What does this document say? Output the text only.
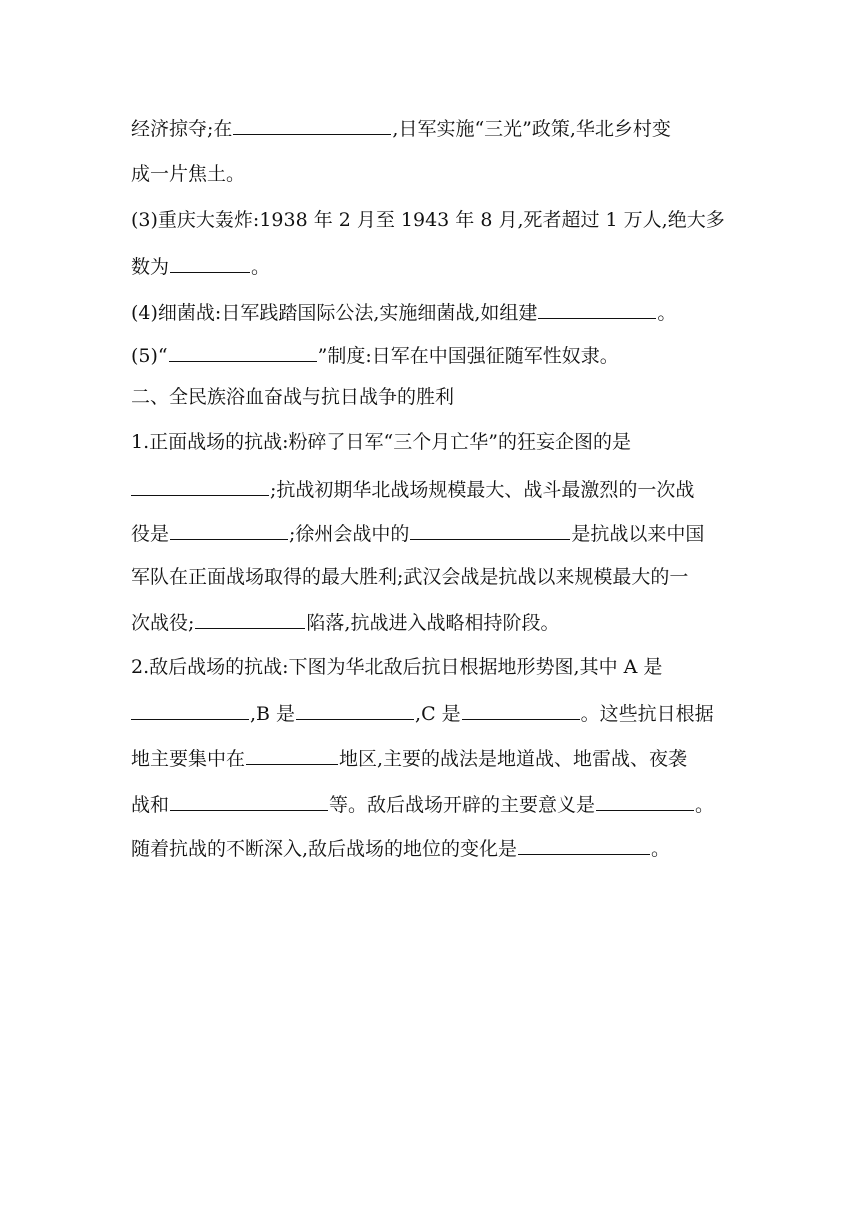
经济掠夺;在	,日军实施“三光”政策,华北乡村变
成一片焦土。
(3)重庆大轰炸:1938 年 2 月至 1943 年 8 月,死者超过 1 万人,绝大多
数为	。
(4)细菌战:日军践踏国际公法,实施细菌战,如组建	。
(5)“	”制度:日军在中国强征随军性奴隶。
二、全民族浴血奋战与抗日战争的胜利
1.正面战场的抗战:粉碎了日军“三个月亡华”的狂妄企图的是
;抗战初期华北战场规模最大、战斗最激烈的一次战
役是	;徐州会战中的	是抗战以来中国
军队在正面战场取得的最大胜利;武汉会战是抗战以来规模最大的一
次战役;	陷落,抗战进入战略相持阶段。
2.敌后战场的抗战:下图为华北敌后抗日根据地形势图,其中 A 是
,B 是	,C 是	。这些抗日根据
地主要集中在	地区,主要的战法是地道战、地雷战、夜袭
战和	等。敌后战场开辟的主要意义是	。
随着抗战的不断深入,敌后战场的地位的变化是	。
